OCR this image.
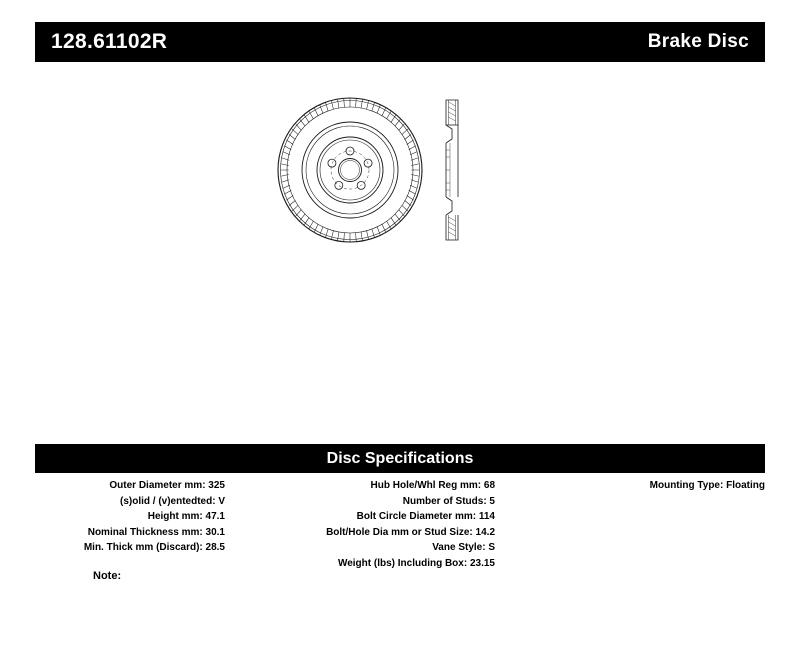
128.61102R	Brake Disc
Disc Specifications
Outer Diameter mm: 325
(s)olid / (v)entedted: V
Height mm: 47.1
Nominal Thickness mm: 30.1
Min. Thick mm (Discard): 28.5
Hub Hole/Whl Reg mm: 68
Number of Studs: 5
Bolt Circle Diameter mm: 114
Bolt/Hole Dia mm or Stud Size: 14.2
Vane Style: S
Weight (lbs) Including Box: 23.15
Mounting Type: Floating
Note:
